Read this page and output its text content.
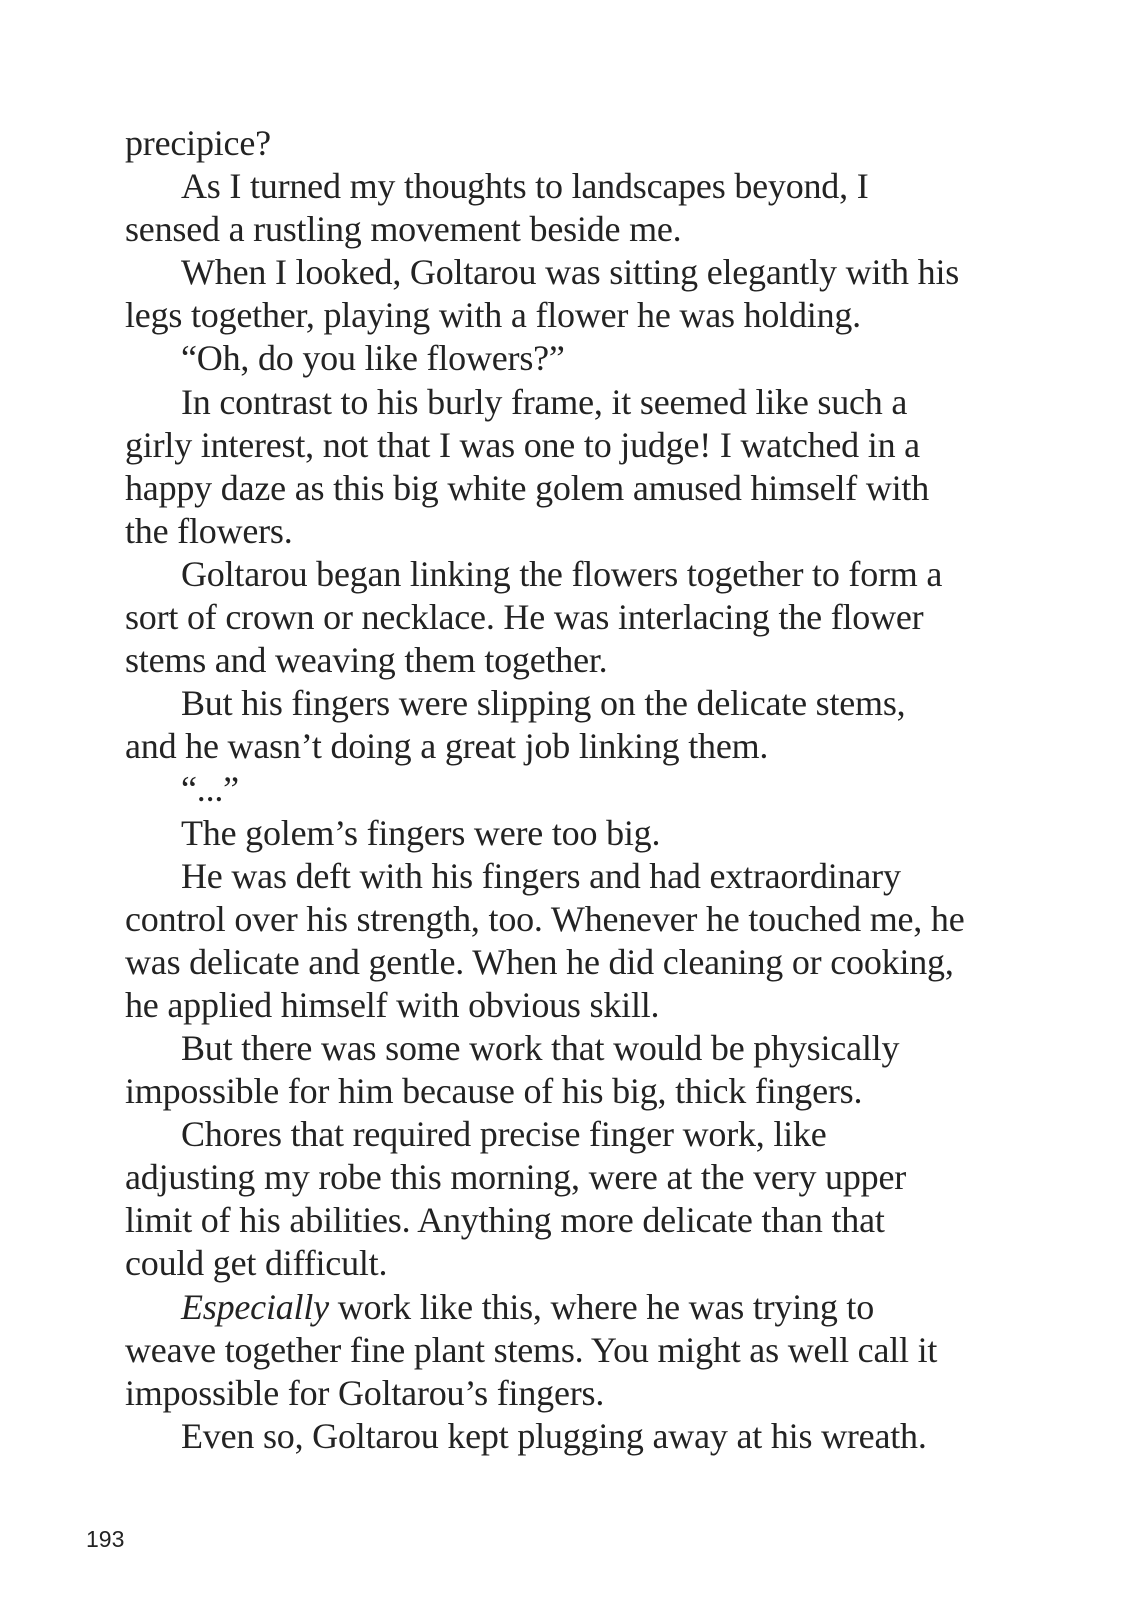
precipice?

As I turned my thoughts to landscapes beyond, I sensed a rustling movement beside me.

When I looked, Goltarou was sitting elegantly with his legs together, playing with a flower he was holding.

“Oh, do you like flowers?”

In contrast to his burly frame, it seemed like such a girly interest, not that I was one to judge! I watched in a happy daze as this big white golem amused himself with the flowers.

Goltarou began linking the flowers together to form a sort of crown or necklace. He was interlacing the flower stems and weaving them together.

But his fingers were slipping on the delicate stems, and he wasn’t doing a great job linking them.

“...”

The golem’s fingers were too big.

He was deft with his fingers and had extraordinary control over his strength, too. Whenever he touched me, he was delicate and gentle. When he did cleaning or cooking, he applied himself with obvious skill.

But there was some work that would be physically impossible for him because of his big, thick fingers.

Chores that required precise finger work, like adjusting my robe this morning, were at the very upper limit of his abilities. Anything more delicate than that could get difficult.

Especially work like this, where he was trying to weave together fine plant stems. You might as well call it impossible for Goltarou’s fingers.

Even so, Goltarou kept plugging away at his wreath.

193
